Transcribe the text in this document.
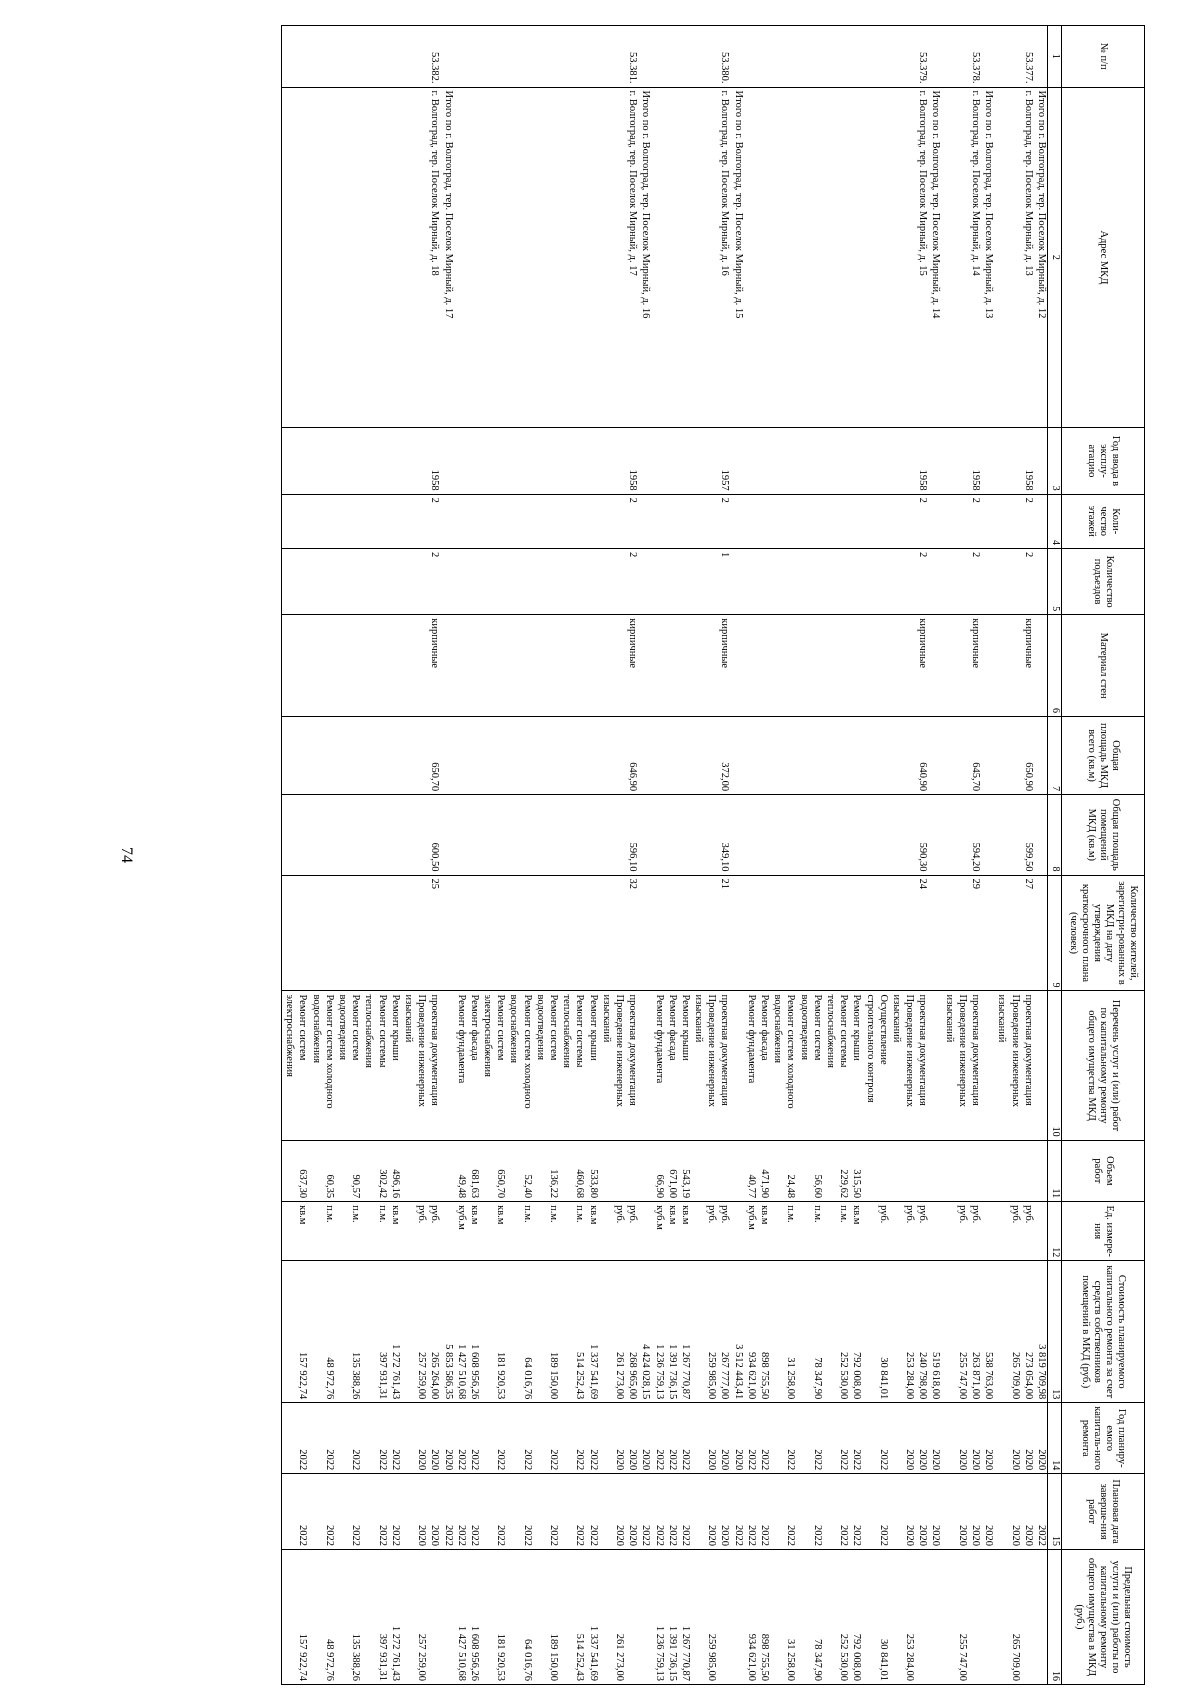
№ п/п	Адрес МКД	Год ввода в эксплу-атацию	Коли-чество этажей	Количество подъездов	Материал стен	Общая площадь МКД всего (кв.м)	Общая площадь помещений МКД (кв.м)	Количество жителей, зарегистри-рованных в МКД на дату утверждения краткосрочного плана (человек)	Перечень услуг и (или) работ по капитальному ремонту общего имущества МКД	Объем работ	Ед. измере-ния	Стоимость планируемого капитального ремонта за счет средств собственников помещений в МКД (руб.)	Год планиру-емого капиталь-ного ремонта	Плановая дата заверше-ния работ	Предельная стоимость услуги и (или) работы по капитальному ремонту общего имущества в МКД (руб.)
1	2	3	4	5	6	7	8	9	10	11	12	13	14	15	16
	Итого по г. Волгоград, тер. Поселок Мирный, д. 12											3 819 709,98	2020	2022	
53.377.	г. Волгоград, тер. Поселок Мирный, д. 13	1958	2	2	кирпичные	650,90	599,50	27	проектная документация		руб.	273 054,00	2020	2020	
									Проведение инженерных		руб.	265 709,00	2020	2020	265 709,00
									изысканий						
	Итого по г. Волгоград, тер. Поселок Мирный, д. 13											538 763,00	2020	2020	
53.378.	г. Волгоград, тер. Поселок Мирный, д. 14	1958	2	2	кирпичные	645,70	594,20	29	проектная документация		руб.	263 871,00	2020	2020	
									Проведение инженерных		руб.	255 747,00	2020	2020	255 747,00
									изысканий						
	Итого по г. Волгоград, тер. Поселок Мирный, д. 14											519 618,00	2020	2020	
53.379.	г. Волгоград, тер. Поселок Мирный, д. 15	1958	2	2	кирпичные	640,90	590,30	24	проектная документация		руб.	240 798,00	2020	2020	
									Проведение инженерных		руб.	253 284,00	2020	2020	253 284,00
									изысканий						
									Осуществление		руб.	30 841,01	2022	2022	30 841,01
									строительного контроля						
									Ремонт крыши	315,50	кв.м	792 008,00	2022	2022	792 008,00
									Ремонт системы	229,62	п.м.	252 530,00	2022	2022	252 530,00
									теплоснабжения						
									Ремонт систем	56,60	п.м.	78 347,90	2022	2022	78 347,90
									водоотведения						
									Ремонт систем холодного	24,48	п.м.	31 258,00	2022	2022	31 258,00
									водоснабжения						
									Ремонт фасада	471,90	кв.м	898 755,50	2022	2022	898 755,50
									Ремонт фундамента	40,77	куб.м	934 621,00	2022	2022	934 621,00
	Итого по г. Волгоград, тер. Поселок Мирный, д. 15											3 512 443,41	2020	2022	
53.380.	г. Волгоград, тер. Поселок Мирный, д. 16	1957	2	1	кирпичные	372,00	349,10	21	проектная документация		руб.	267 777,00	2020	2020	
									Проведение инженерных		руб.	259 985,00	2020	2020	259 985,00
									изысканий						
									Ремонт крыши	543,19	кв.м	1 267 770,87	2022	2022	1 267 770,87
									Ремонт фасада	671,00	кв.м	1 391 736,15	2022	2022	1 391 736,15
									Ремонт фундамента	66,90	куб.м	1 236 759,13	2022	2022	1 236 759,13
	Итого по г. Волгоград, тер. Поселок Мирный, д. 16											4 424 028,15	2020	2022	
53.381.	г. Волгоград, тер. Поселок Мирный, д. 17	1958	2	2	кирпичные	646,90	596,10	32	проектная документация		руб.	268 965,00	2020	2020	
									Проведение инженерных		руб.	261 273,00	2020	2020	261 273,00
									изысканий						
									Ремонт крыши	533,80	кв.м	1 337 541,69	2022	2022	1 337 541,69
									Ремонт системы	460,68	п.м.	514 252,43	2022	2022	514 252,43
									теплоснабжения						
									Ремонт систем	136,22	п.м.	189 150,00	2022	2022	189 150,00
									водоотведения						
									Ремонт систем холодного	52,40	п.м.	64 016,76	2022	2022	64 016,76
									водоснабжения						
									Ремонт систем	650,70	кв.м	181 920,53	2022	2022	181 920,53
									электроснабжения						
									Ремонт фасада	681,63	кв.м	1 608 956,26	2022	2022	1 608 956,26
									Ремонт фундамента	49,48	куб.м	1 427 510,68	2022	2022	1 427 510,68
	Итого по г. Волгоград, тер. Поселок Мирный, д. 17											5 853 586,35	2020	2022	
53.382.	г. Волгоград, тер. Поселок Мирный, д. 18	1958	2	2	кирпичные	650,70	600,50	25	проектная документация		руб.	265 264,00	2020	2020	
									Проведение инженерных		руб.	257 259,00	2020	2020	257 259,00
									изысканий						
									Ремонт крыши	496,16	кв.м	1 272 761,43	2022	2022	1 272 761,43
									Ремонт системы	302,42	п.м.	397 931,31	2022	2022	397 931,31
									теплоснабжения						
									Ремонт систем	90,57	п.м.	135 388,26	2022	2022	135 388,26
									водоотведения						
									Ремонт систем холодного	60,35	п.м.	48 972,76	2022	2022	48 972,76
									водоснабжения						
									Ремонт систем	637,30	кв.м	157 922,74	2022	2022	157 922,74
									электроснабжения						
74
